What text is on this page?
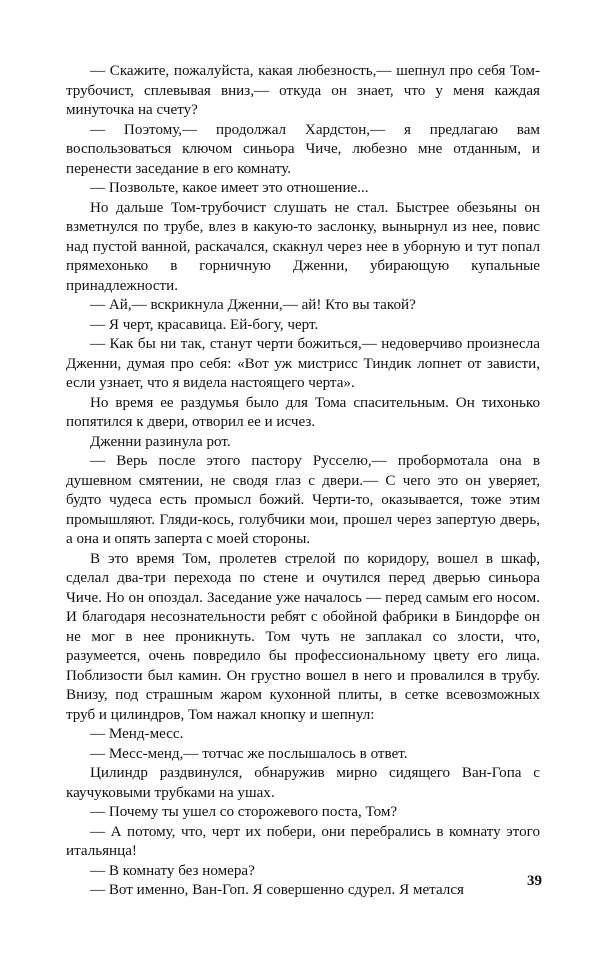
— Скажите, пожалуйста, какая любезность,— шепнул про себя Том-трубочист, сплевывая вниз,— откуда он знает, что у меня каждая минуточка на счету?

— Поэтому,— продолжал Хардстон,— я предлагаю вам воспользоваться ключом синьора Чиче, любезно мне отданным, и перенести заседание в его комнату.

— Позвольте, какое имеет это отношение...

Но дальше Том-трубочист слушать не стал. Быстрее обезьяны он взметнулся по трубе, влез в какую-то заслонку, вынырнул из нее, повис над пустой ванной, раскачался, скакнул через нее в уборную и тут попал прямехонько в горничную Дженни, убирающую купальные принадлежности.

— Ай,— вскрикнула Дженни,— ай! Кто вы такой?

— Я черт, красавица. Ей-богу, черт.

— Как бы ни так, станут черти божиться,— недоверчиво произнесла Дженни, думая про себя: «Вот уж мистрисс Тиндик лопнет от зависти, если узнает, что я видела настоящего черта».

Но время ее раздумья было для Тома спасительным. Он тихонько попятился к двери, отворил ее и исчез.

Дженни разинула рот.

— Верь после этого пастору Русселю,— пробормотала она в душевном смятении, не сводя глаз с двери.— С чего это он уверяет, будто чудеса есть промысл божий. Черти-то, оказывается, тоже этим промышляют. Гляди-кось, голубчики мои, прошел через запертую дверь, а она и опять заперта с моей стороны.

В это время Том, пролетев стрелой по коридору, вошел в шкаф, сделал два-три перехода по стене и очутился перед дверью синьора Чиче. Но он опоздал. Заседание уже началось — перед самым его носом. И благодаря несознательности ребят с обойной фабрики в Биндорфе он не мог в нее проникнуть. Том чуть не заплакал со злости, что, разумеется, очень повредило бы профессиональному цвету его лица. Поблизости был камин. Он грустно вошел в него и провалился в трубу. Внизу, под страшным жаром кухонной плиты, в сетке всевозможных труб и цилиндров, Том нажал кнопку и шепнул:

— Менд-месс.

— Месс-менд,— тотчас же послышалось в ответ.

Цилиндр раздвинулся, обнаружив мирно сидящего Ван-Гопа с каучуковыми трубками на ушах.

— Почему ты ушел со сторожевого поста, Том?

— А потому, что, черт их побери, они перебрались в комнату этого итальянца!

— В комнату без номера?

— Вот именно, Ван-Гоп. Я совершенно сдурел. Я метался

39
